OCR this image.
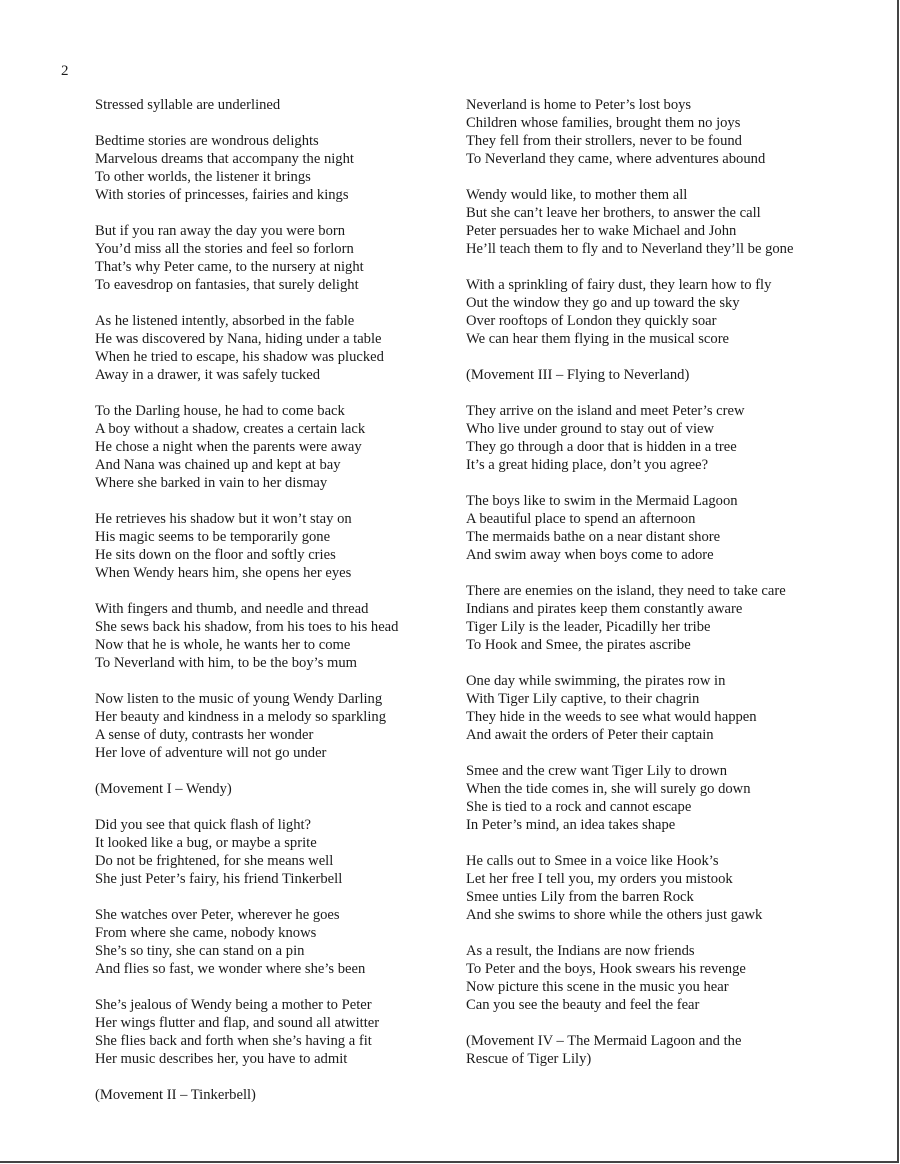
2
Stressed syllable are underlined
Bedtime stories are wondrous delights
Marvelous dreams that accompany the night
To other worlds, the listener it brings
With stories of princesses, fairies and kings
But if you ran away the day you were born
You’d miss all the stories and feel so forlorn
That’s why Peter came, to the nursery at night
To eavesdrop on fantasies, that surely delight
As he listened intently, absorbed in the fable
He was discovered by Nana, hiding under a table
When he tried to escape, his shadow was plucked
Away in a drawer, it was safely tucked
To the Darling house, he had to come back
A boy without a shadow, creates a certain lack
He chose a night when the parents were away
And Nana was chained up and kept at bay
Where she barked in vain to her dismay
He retrieves his shadow but it won’t stay on
His magic seems to be temporarily gone
He sits down on the floor and softly cries
When Wendy hears him, she opens her eyes
With fingers and thumb, and needle and thread
She sews back his shadow, from his toes to his head
Now that he is whole, he wants her to come
To Neverland with him, to be the boy’s mum
Now listen to the music of young Wendy Darling
Her beauty and kindness in a melody so sparkling
A sense of duty, contrasts her wonder
Her love of adventure will not go under
(Movement I – Wendy)
Did you see that quick flash of light?
It looked like a bug, or maybe a sprite
Do not be frightened, for she means well
She just Peter’s fairy, his friend Tinkerbell
She watches over Peter, wherever he goes
From where she came, nobody knows
She’s so tiny, she can stand on a pin
And flies so fast, we wonder where she’s been
She’s jealous of Wendy being a mother to Peter
Her wings flutter and flap, and sound all atwitter
She flies back and forth when she’s having a fit
Her music describes her, you have to admit
(Movement II – Tinkerbell)
Neverland is home to Peter’s lost boys
Children whose families, brought them no joys
They fell from their strollers, never to be found
To Neverland they came, where adventures abound
Wendy would like, to mother them all
But she can’t leave her brothers, to answer the call
Peter persuades her to wake Michael and John
He’ll teach them to fly and to Neverland they’ll be gone
With a sprinkling of fairy dust, they learn how to fly
Out the window they go and up toward the sky
Over rooftops of London they quickly soar
We can hear them flying in the musical score
(Movement III – Flying to Neverland)
They arrive on the island and meet Peter’s crew
Who live under ground to stay out of view
They go through a door that is hidden in a tree
It’s a great hiding place, don’t you agree?
The boys like to swim in the Mermaid Lagoon
A beautiful place to spend an afternoon
The mermaids bathe on a near distant shore
And swim away when boys come to adore
There are enemies on the island, they need to take care
Indians and pirates keep them constantly aware
Tiger Lily is the leader, Picadilly her tribe
To Hook and Smee, the pirates ascribe
One day while swimming, the pirates row in
With Tiger Lily captive, to their chagrin
They hide in the weeds to see what would happen
And await the orders of Peter their captain
Smee and the crew want Tiger Lily to drown
When the tide comes in, she will surely go down
She is tied to a rock and cannot escape
In Peter’s mind, an idea takes shape
He calls out to Smee in a voice like Hook’s
Let her free I tell you, my orders you mistook
Smee unties Lily from the barren Rock
And she swims to shore while the others just gawk
As a result, the Indians are now friends
To Peter and the boys, Hook swears his revenge
Now picture this scene in the music you hear
Can you see the beauty and feel the fear
(Movement IV – The Mermaid Lagoon and the
Rescue of Tiger Lily)
